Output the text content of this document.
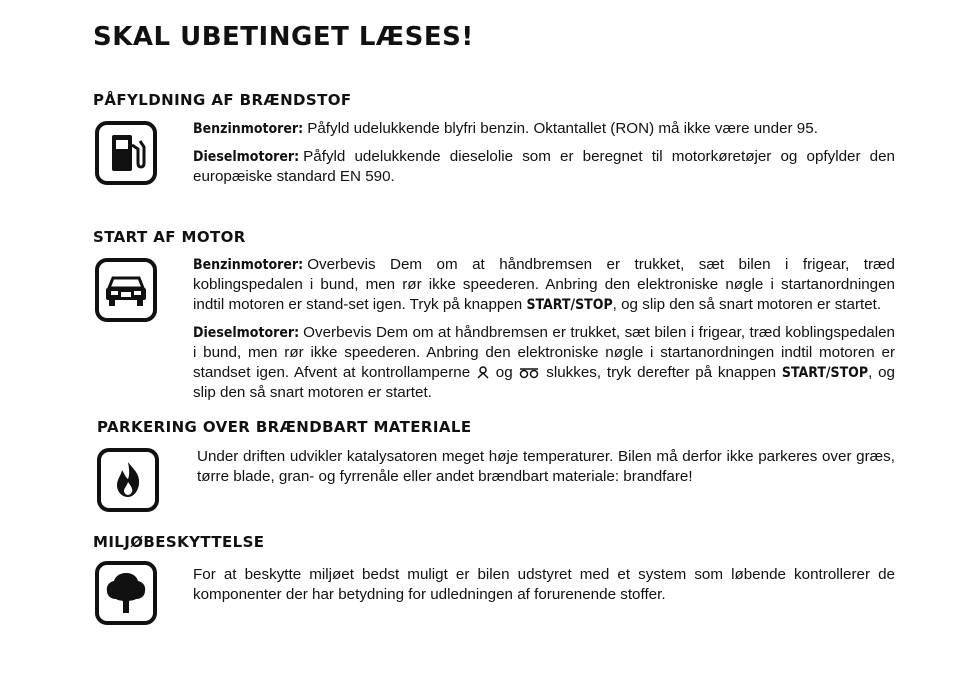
SKAL UBETINGET LÆSES!
PÅFYLDNING AF BRÆNDSTOF

Benzinmotorer: Påfyld udelukkende blyfri benzin. Oktantallet (RON) må ikke være under 95.

Dieselmotorer: Påfyld udelukkende dieselolie som er beregnet til motorkøretøjer og opfylder den europæiske standard EN 590.

START AF MOTOR

Benzinmotorer: Overbevis Dem om at håndbremsen er trukket, sæt bilen i frigear, træd koblingspedalen i bund, men rør ikke speederen. Anbring den elektroniske nøgle i startanordningen indtil motoren er stand-set igen. Tryk på knappen START/STOP, og slip den så snart motoren er startet.

Dieselmotorer: Overbevis Dem om at håndbremsen er trukket, sæt bilen i frigear, træd koblingspedalen i bund, men rør ikke speederen. Anbring den elektroniske nøgle i startanordningen indtil motoren er standset igen. Afvent at kontrollamperne og slukkes, tryk derefter på knappen START/STOP, og slip den så snart motoren er startet.

PARKERING OVER BRÆNDBART MATERIALE

Under driften udvikler katalysatoren meget høje temperaturer. Bilen må derfor ikke parkeres over græs, tørre blade, gran- og fyrrenåle eller andet brændbart materiale: brandfare!

MILJØBESKYTTELSE

For at beskytte miljøet bedst muligt er bilen udstyret med et system som løbende kontrollerer de komponenter der har betydning for udledningen af forurenende stoffer.
